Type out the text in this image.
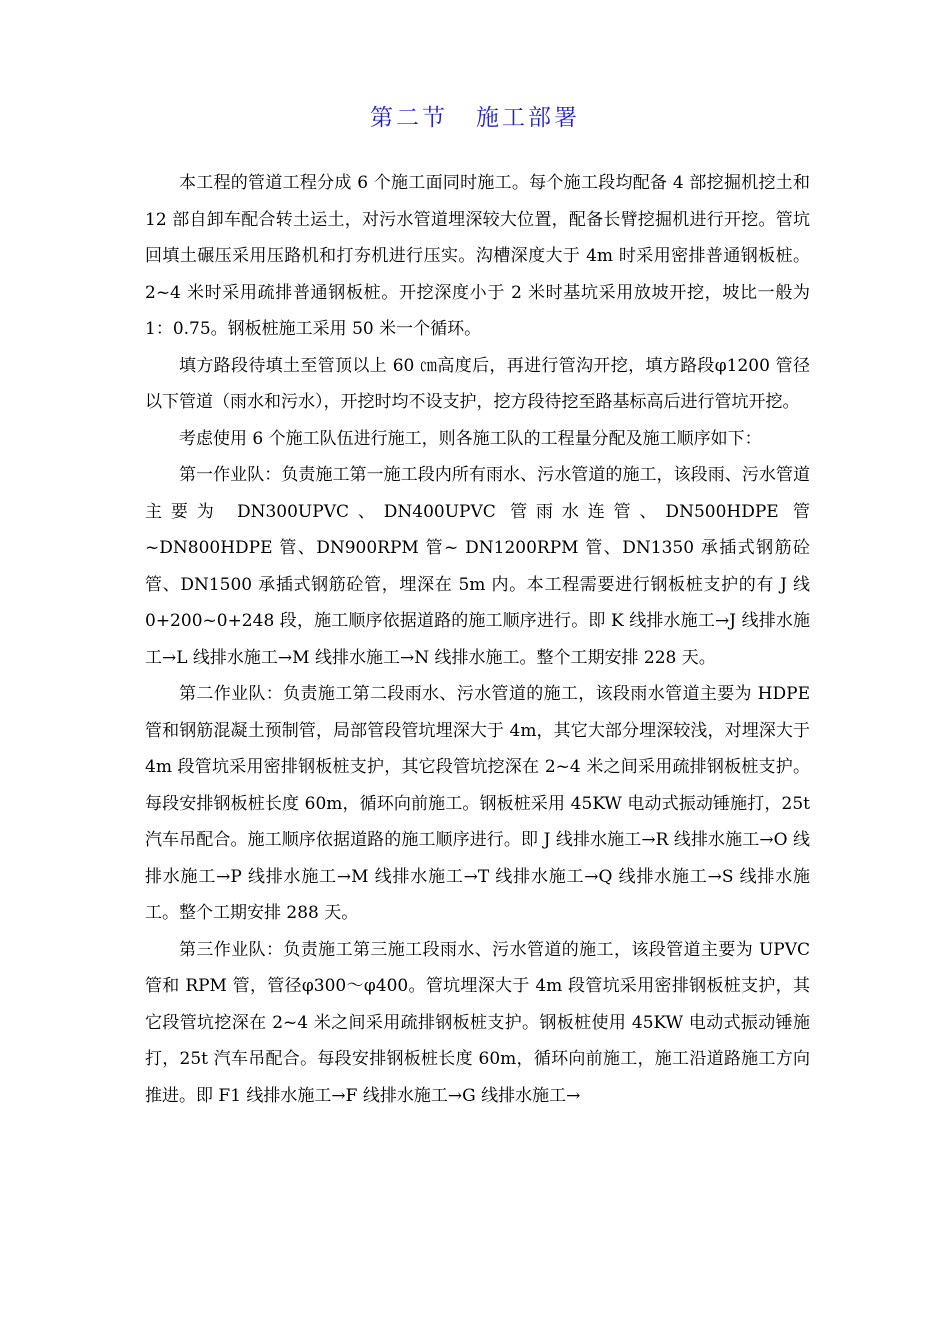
第二节 施工部署

本工程的管道工程分成 6 个施工面同时施工。每个施工段均配备 4 部挖掘机挖土和 12 部自卸车配合转土运土，对污水管道埋深较大位置，配备长臂挖掘机进行开挖。管坑回填土碾压采用压路机和打夯机进行压实。沟槽深度大于 4m 时采用密排普通钢板桩。2~4 米时采用疏排普通钢板桩。开挖深度小于 2 米时基坑采用放坡开挖，坡比一般为 1：0.75。钢板桩施工采用 50 米一个循环。

填方路段待填土至管顶以上 60 ㎝高度后，再进行管沟开挖，填方路段φ1200 管径以下管道（雨水和污水），开挖时均不设支护，挖方段待挖至路基标高后进行管坑开挖。

考虑使用 6 个施工队伍进行施工，则各施工队的工程量分配及施工顺序如下：

第一作业队：负责施工第一施工段内所有雨水、污水管道的施工，该段雨、污水管道主要为 DN300UPVC、DN400UPVC 管雨水连管、DN500HDPE 管~DN800HDPE 管、DN900RPM 管~ DN1200RPM 管、DN1350 承插式钢筋砼管、DN1500 承插式钢筋砼管，埋深在 5m 内。本工程需要进行钢板桩支护的有 J 线 0+200~0+248 段，施工顺序依据道路的施工顺序进行。即 K 线排水施工→J 线排水施工→L 线排水施工→M 线排水施工→N 线排水施工。整个工期安排 228 天。

第二作业队：负责施工第二段雨水、污水管道的施工，该段雨水管道主要为 HDPE 管和钢筋混凝土预制管，局部管段管坑埋深大于 4m，其它大部分埋深较浅，对埋深大于 4m 段管坑采用密排钢板桩支护，其它段管坑挖深在 2~4 米之间采用疏排钢板桩支护。每段安排钢板桩长度 60m，循环向前施工。钢板桩采用 45KW 电动式振动锤施打，25t 汽车吊配合。施工顺序依据道路的施工顺序进行。即 J 线排水施工→R 线排水施工→O 线排水施工→P 线排水施工→M 线排水施工→T 线排水施工→Q 线排水施工→S 线排水施工。整个工期安排 288 天。

第三作业队：负责施工第三施工段雨水、污水管道的施工，该段管道主要为 UPVC 管和 RPM 管，管径φ300～φ400。管坑埋深大于 4m 段管坑采用密排钢板桩支护，其它段管坑挖深在 2~4 米之间采用疏排钢板桩支护。钢板桩使用 45KW 电动式振动锤施打，25t 汽车吊配合。每段安排钢板桩长度 60m，循环向前施工，施工沿道路施工方向推进。即 F1 线排水施工→F 线排水施工→G 线排水施工→
